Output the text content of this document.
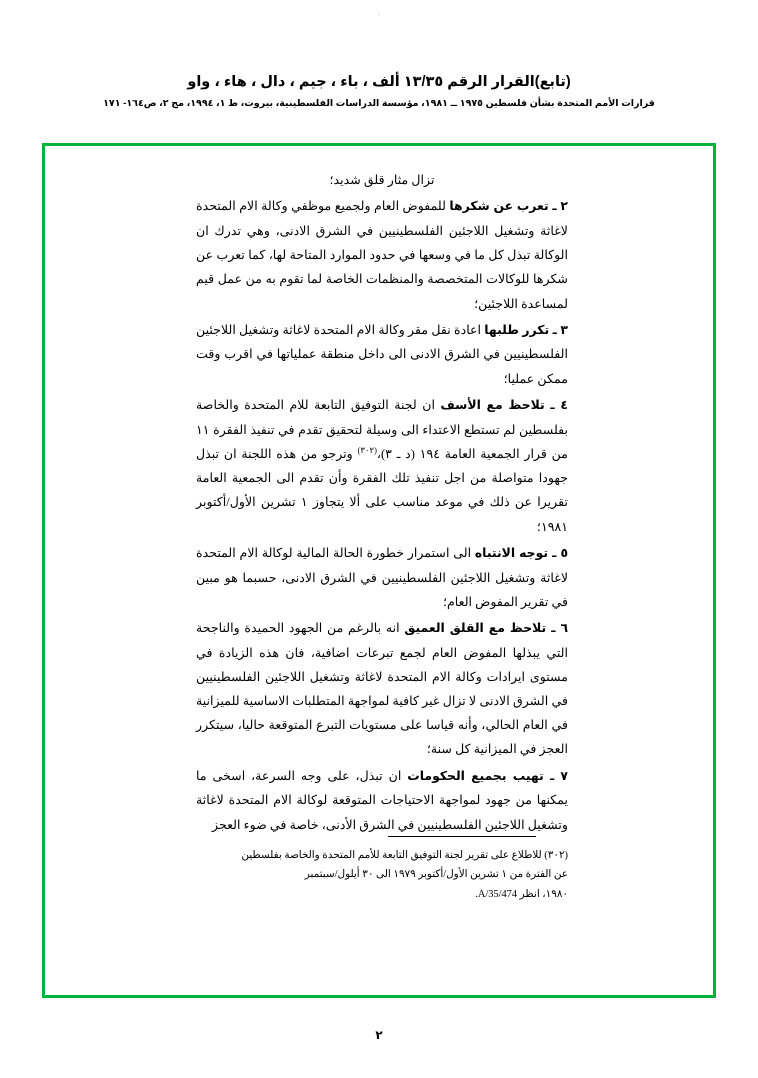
·
(تابع)القرار الرقم ١٣/٣٥ ألف ، باء ، جيم ، دال ، هاء ، واو
قرارات الأمم المتحدة بشأن فلسطين ١٩٧٥ ــ ١٩٨١، مؤسسة الدراسات الفلسطينية، بيروت، ط ١، ١٩٩٤، مج ٢، ص١٦٤- ١٧١

تزال مثار قلق شديد؛

٢ ـ تعرب عن شكرها للمفوض العام ولجميع موظفي وكالة الام المتحدة لاغاثة وتشغيل اللاجئين الفلسطينيين في الشرق الادنى، وهي تدرك ان الوكالة تبذل كل ما في وسعها في حدود الموارد المتاحة لها، كما تعرب عن شكرها للوكالات المتخصصة والمنظمات الخاصة لما تقوم به من عمل قيم لمساعدة اللاجئين؛

٣ ـ تكرر طلبها اعادة نقل مقر وكالة الام المتحدة لاغاثة وتشغيل اللاجئين الفلسطينيين في الشرق الادنى الى داخل منطقة عملياتها في اقرب وقت ممكن عمليا؛

٤ ـ تلاحظ مع الأسف ان لجنة التوفيق التابعة للام المتحدة والخاصة بفلسطين لم تستطع الاعتداء الى وسيلة لتحقيق تقدم في تنفيذ الفقرة ١١ من قرار الجمعية العامة ١٩٤ (د ـ ٣)،$^{(٣٠٢)}$ وترجو من هذه اللجنة ان تبذل جهودا متواصلة من اجل تنفيذ تلك الفقرة وأن تقدم الى الجمعية العامة تقريرا عن ذلك في موعد مناسب على ألا يتجاوز ١ تشرين الأول/أكتوبر ١٩٨١؛

٥ ـ توجه الانتباه الى استمرار خطورة الحالة المالية لوكالة الام المتحدة لاغاثة وتشغيل اللاجئين الفلسطينيين في الشرق الادنى، حسبما هو مبين في تقرير المفوض العام؛

٦ ـ تلاحظ مع القلق العميق انه بالرغم من الجهود الحميدة والناجحة التي يبذلها المفوض العام لجمع تبرعات اضافية، فان هذه الزيادة في مستوى ايرادات وكالة الام المتحدة لاغاثة وتشغيل اللاجئين الفلسطينيين في الشرق الادنى لا تزال غير كافية لمواجهة المتطلبات الاساسية للميزانية في العام الحالي، وأنه قياسا على مستويات التبرع المتوقعة حاليا، سيتكرر العجز في الميزانية كل سنة؛

٧ ـ تهيب بجميع الحكومات ان تبذل، على وجه السرعة، اسخى ما يمكنها من جهود لمواجهة الاحتياجات المتوقعة لوكالة الام المتحدة لاغاثة وتشغيل اللاجئين الفلسطينيين في الشرق الأدنى، خاصة في ضوء العجز

(٣٠٢) للاطلاع على تقرير لجنة التوفيق التابعة للأمم المتحدة والخاصة بفلسطين

عن الفترة من ١ تشرين الأول/أكتوبر ١٩٧٩ الى ٣٠ أيلول/سبتمبر

١٩٨٠، انظر A/35/474.

٢
